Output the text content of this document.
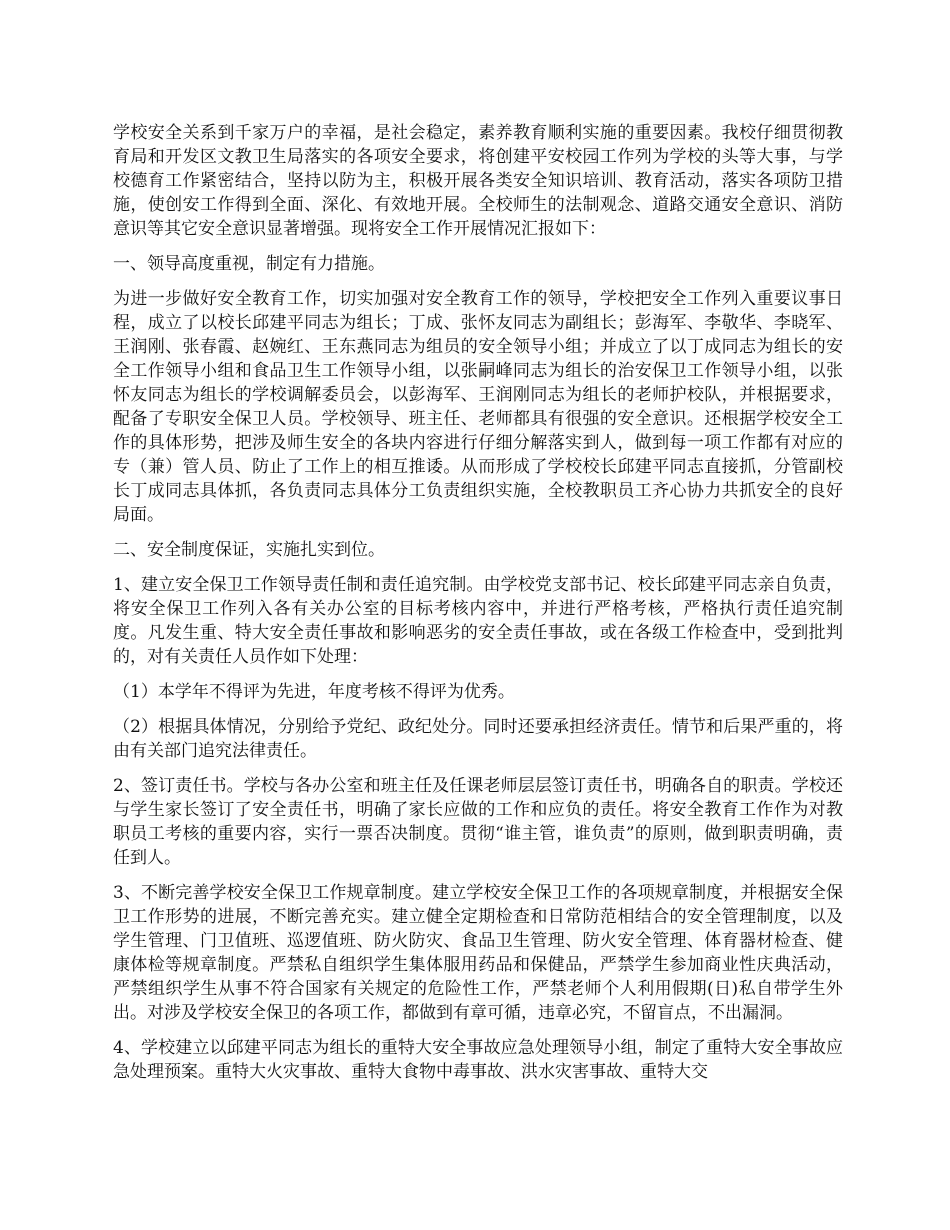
学校安全关系到千家万户的幸福，是社会稳定，素养教育顺利实施的重要因素。我校仔细贯彻教育局和开发区文教卫生局落实的各项安全要求，将创建平安校园工作列为学校的头等大事，与学校德育工作紧密结合，坚持以防为主，积极开展各类安全知识培训、教育活动，落实各项防卫措施，使创安工作得到全面、深化、有效地开展。全校师生的法制观念、道路交通安全意识、消防意识等其它安全意识显著增强。现将安全工作开展情况汇报如下：

一、领导高度重视，制定有力措施。

为进一步做好安全教育工作，切实加强对安全教育工作的领导，学校把安全工作列入重要议事日程，成立了以校长邱建平同志为组长；丁成、张怀友同志为副组长；彭海军、李敬华、李晓军、王润刚、张春霞、赵婉红、王东燕同志为组员的安全领导小组；并成立了以丁成同志为组长的安全工作领导小组和食品卫生工作领导小组，以张嗣峰同志为组长的治安保卫工作领导小组，以张怀友同志为组长的学校调解委员会，以彭海军、王润刚同志为组长的老师护校队，并根据要求，配备了专职安全保卫人员。学校领导、班主任、老师都具有很强的安全意识。还根据学校安全工作的具体形势，把涉及师生安全的各块内容进行仔细分解落实到人，做到每一项工作都有对应的专（兼）管人员、防止了工作上的相互推诿。从而形成了学校校长邱建平同志直接抓，分管副校长丁成同志具体抓，各负责同志具体分工负责组织实施，全校教职员工齐心协力共抓安全的良好局面。

二、安全制度保证，实施扎实到位。

1、建立安全保卫工作领导责任制和责任追究制。由学校党支部书记、校长邱建平同志亲自负责，将安全保卫工作列入各有关办公室的目标考核内容中，并进行严格考核，严格执行责任追究制度。凡发生重、特大安全责任事故和影响恶劣的安全责任事故，或在各级工作检查中，受到批判的，对有关责任人员作如下处理：

（1）本学年不得评为先进，年度考核不得评为优秀。

（2）根据具体情况，分别给予党纪、政纪处分。同时还要承担经济责任。情节和后果严重的，将由有关部门追究法律责任。

2、签订责任书。学校与各办公室和班主任及任课老师层层签订责任书，明确各自的职责。学校还与学生家长签订了安全责任书，明确了家长应做的工作和应负的责任。将安全教育工作作为对教职员工考核的重要内容，实行一票否决制度。贯彻“谁主管，谁负责”的原则，做到职责明确，责任到人。

3、不断完善学校安全保卫工作规章制度。建立学校安全保卫工作的各项规章制度，并根据安全保卫工作形势的进展，不断完善充实。建立健全定期检查和日常防范相结合的安全管理制度，以及学生管理、门卫值班、巡逻值班、防火防灾、食品卫生管理、防火安全管理、体育器材检查、健康体检等规章制度。严禁私自组织学生集体服用药品和保健品，严禁学生参加商业性庆典活动，严禁组织学生从事不符合国家有关规定的危险性工作，严禁老师个人利用假期(日)私自带学生外出。对涉及学校安全保卫的各项工作，都做到有章可循，违章必究，不留盲点，不出漏洞。

4、学校建立以邱建平同志为组长的重特大安全事故应急处理领导小组，制定了重特大安全事故应急处理预案。重特大火灾事故、重特大食物中毒事故、洪水灾害事故、重特大交
